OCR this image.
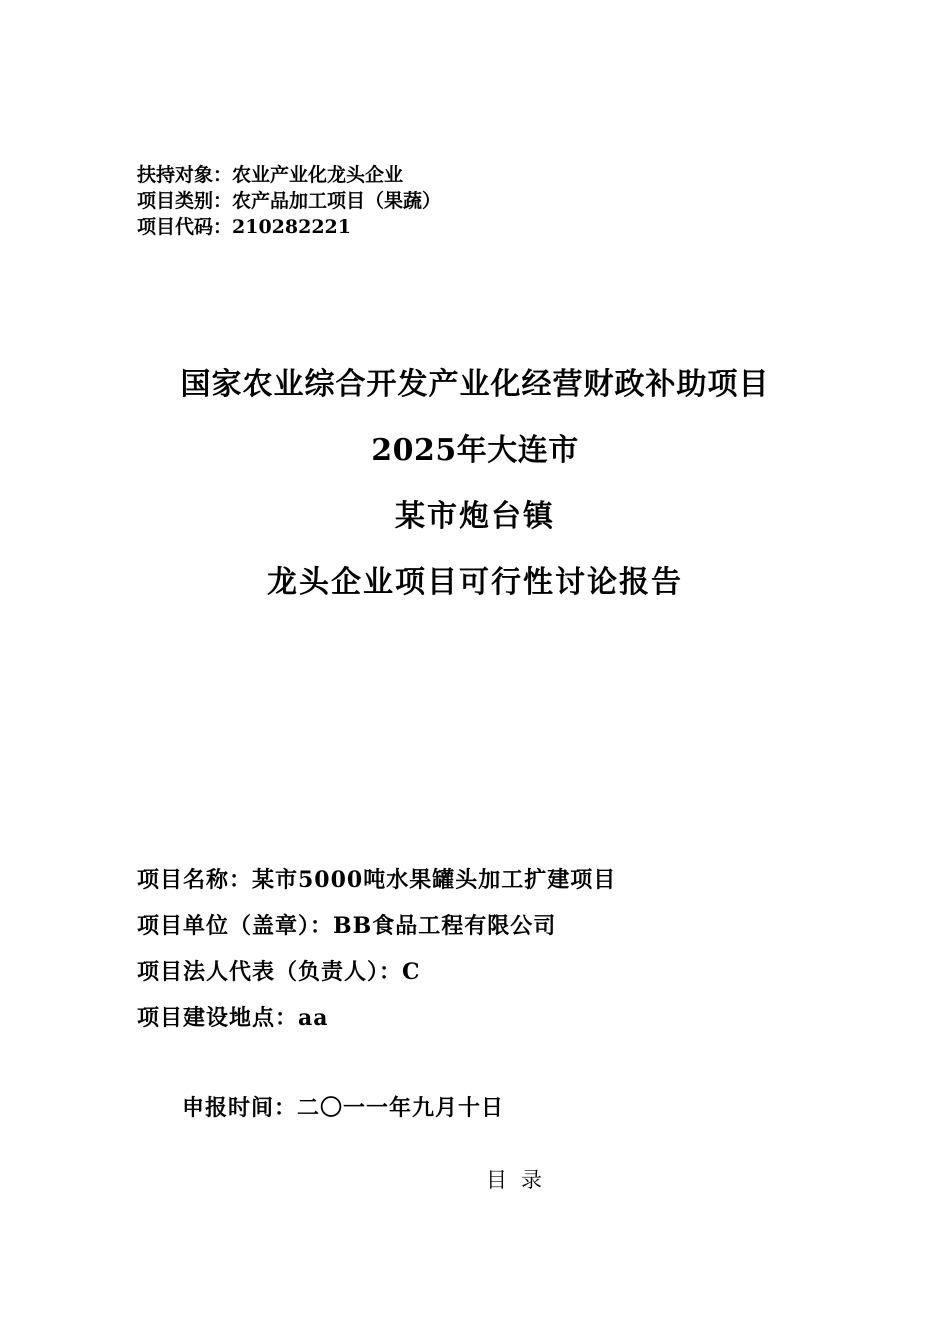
扶持对象：农业产业化龙头企业
项目类别：农产品加工项目（果蔬）
项目代码：210282221
国家农业综合开发产业化经营财政补助项目
2025年大连市
某市炮台镇
龙头企业项目可行性讨论报告
项目名称：某市5000吨水果罐头加工扩建项目
项目单位（盖章）：BB食品工程有限公司
项目法人代表（负责人）：C
项目建设地点：aa
申报时间：二〇一一年九月十日
目录
